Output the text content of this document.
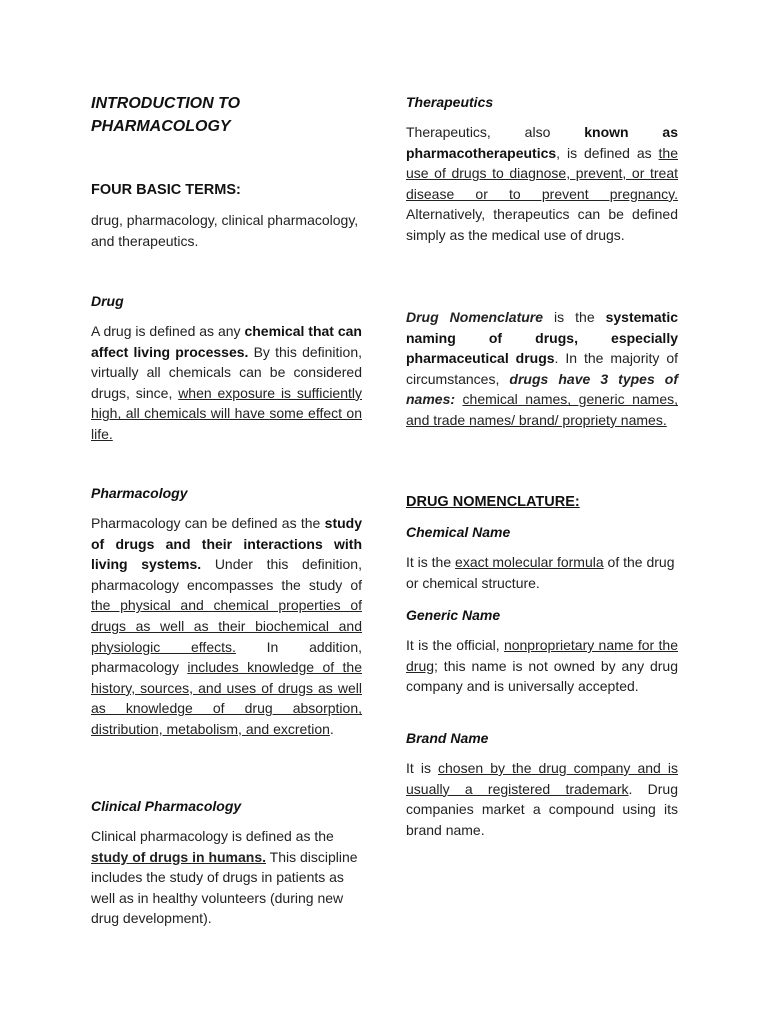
INTRODUCTION TO

PHARMACOLOGY

FOUR BASIC TERMS:

drug, pharmacology, clinical pharmacology, and therapeutics.

Drug

A drug is defined as any chemical that can affect living processes. By this definition, virtually all chemicals can be considered drugs, since, when exposure is sufficiently high, all chemicals will have some effect on life.

Pharmacology

Pharmacology can be defined as the study of drugs and their interactions with living systems. Under this definition, pharmacology encompasses the study of the physical and chemical properties of drugs as well as their biochemical and physiologic effects. In addition, pharmacology includes knowledge of the history, sources, and uses of drugs as well as knowledge of drug absorption, distribution, metabolism, and excretion.

Clinical Pharmacology

Clinical pharmacology is defined as the study of drugs in humans. This discipline includes the study of drugs in patients as well as in healthy volunteers (during new drug development).

Therapeutics

Therapeutics, also known as pharmacotherapeutics, is defined as the use of drugs to diagnose, prevent, or treat disease or to prevent pregnancy. Alternatively, therapeutics can be defined simply as the medical use of drugs.

Drug Nomenclature is the systematic naming of drugs, especially pharmaceutical drugs. In the majority of circumstances, drugs have 3 types of names: chemical names, generic names, and trade names/ brand/ propriety names.

DRUG NOMENCLATURE:

Chemical Name

It is the exact molecular formula of the drug or chemical structure.

Generic Name

It is the official, nonproprietary name for the drug; this name is not owned by any drug company and is universally accepted.

Brand Name

It is chosen by the drug company and is usually a registered trademark. Drug companies market a compound using its brand name.
